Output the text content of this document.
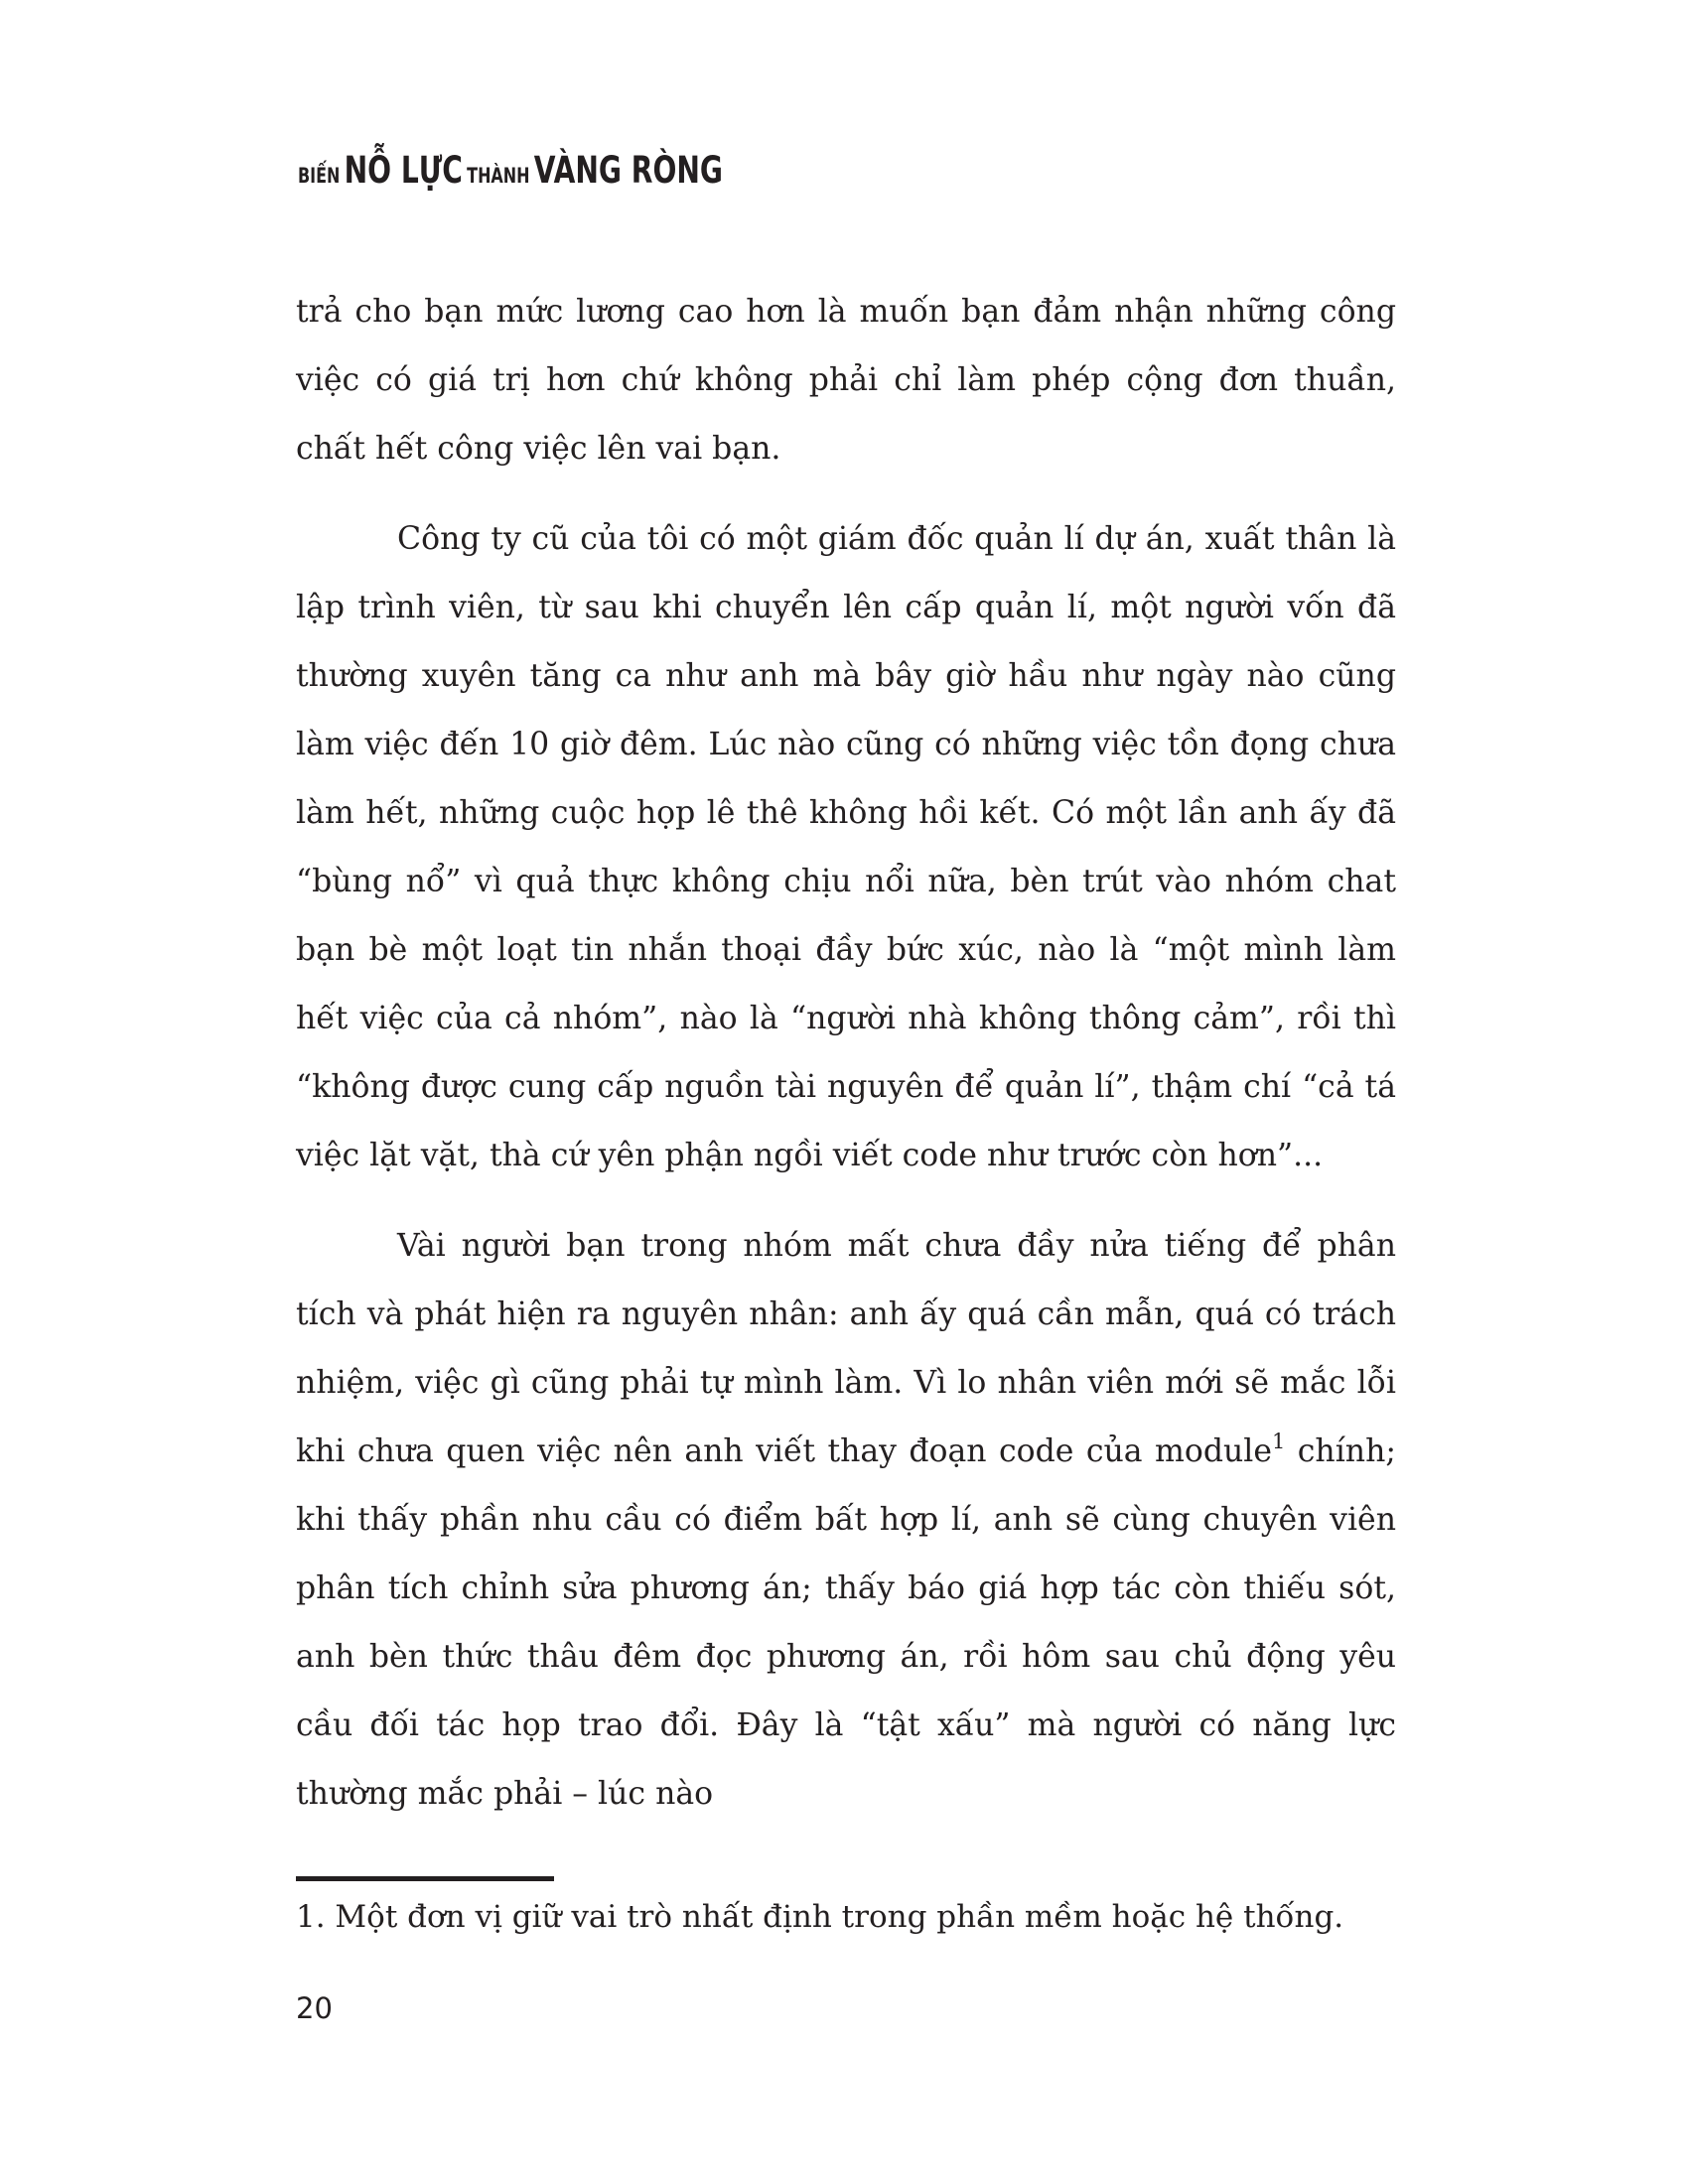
BIẾN NỖ LỰC THÀNH VÀNG RÒNG

trả cho bạn mức lương cao hơn là muốn bạn đảm nhận những công việc có giá trị hơn chứ không phải chỉ làm phép cộng đơn thuần, chất hết công việc lên vai bạn.

Công ty cũ của tôi có một giám đốc quản lí dự án, xuất thân là lập trình viên, từ sau khi chuyển lên cấp quản lí, một người vốn đã thường xuyên tăng ca như anh mà bây giờ hầu như ngày nào cũng làm việc đến 10 giờ đêm. Lúc nào cũng có những việc tồn đọng chưa làm hết, những cuộc họp lê thê không hồi kết. Có một lần anh ấy đã “bùng nổ” vì quả thực không chịu nổi nữa, bèn trút vào nhóm chat bạn bè một loạt tin nhắn thoại đầy bức xúc, nào là “một mình làm hết việc của cả nhóm”, nào là “người nhà không thông cảm”, rồi thì “không được cung cấp nguồn tài nguyên để quản lí”, thậm chí “cả tá việc lặt vặt, thà cứ yên phận ngồi viết code như trước còn hơn”...

Vài người bạn trong nhóm mất chưa đầy nửa tiếng để phân tích và phát hiện ra nguyên nhân: anh ấy quá cần mẫn, quá có trách nhiệm, việc gì cũng phải tự mình làm. Vì lo nhân viên mới sẽ mắc lỗi khi chưa quen việc nên anh viết thay đoạn code của module$^1$ chính; khi thấy phần nhu cầu có điểm bất hợp lí, anh sẽ cùng chuyên viên phân tích chỉnh sửa phương án; thấy báo giá hợp tác còn thiếu sót, anh bèn thức thâu đêm đọc phương án, rồi hôm sau chủ động yêu cầu đối tác họp trao đổi. Đây là “tật xấu” mà người có năng lực thường mắc phải – lúc nào

1. Một đơn vị giữ vai trò nhất định trong phần mềm hoặc hệ thống.
20
